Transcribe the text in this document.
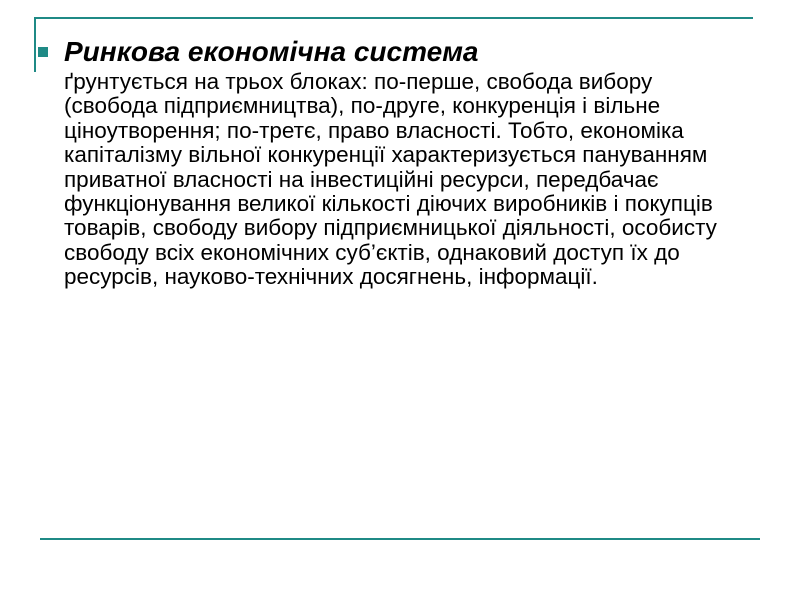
Ринкова економічна система
ґрунтується на трьох блоках: по-перше, свобода вибору (свобода підприємництва), по-друге, конкуренція і вільне ціноутворення; по-третє, право власності. Тобто, економіка капіталізму вільної конкуренції характеризується пануванням приватної власності на інвестиційні ресурси, передбачає функціонування великої кількості діючих виробників і покупців товарів, свободу вибору підприємницької діяльності, особисту свободу всіх економічних суб’єктів, однаковий доступ їх до ресурсів, науково-технічних досягнень, інформації.
